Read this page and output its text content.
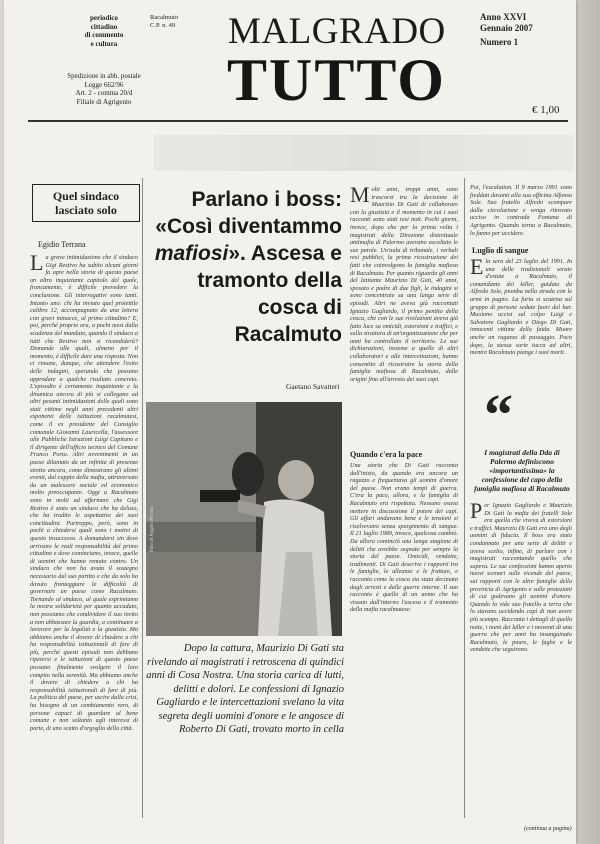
periodico
cittadino
di commento
e cultura
Spedizione in abb. postale
Legge 662/96
Art. 2 - comma 20/d
Filiale di Agrigento
Racalmuto
C.P. n. 49 MALGRADO
TUTTO
Anno XXVI
Gennaio 2007
Numero 1
€ 1,00
Quel sindaco lasciato solo
Egidio Terrana
L a grave intimidazione che il sindaco Gigi Restivo ha subito alcuni giorni fa apre nella storia di questo paese un altro inquietante capitolo del quale, francamente, è difficile prevedere la conclusione. Gli interrogativi sono tanti. Intanto uno: chi ha inviato quel proiettile calibro 12, accompagnato da una lettera con gravi minacce, al primo cittadino? E, poi, perché proprio ora, a pochi mesi dalla scadenza del mandato, quando il sindaco a tutti che Restivo non si ricandiderà? Domande alle quali, almeno per il momento, è difficile dare una risposta. Non ci rimane, dunque, che attendere l'esito delle indagini, sperando che possano approdare a qualche risultato concreto. L'episodio è certamente inquietante e la dinamica ancora di più si collegano ad altri pesanti intimidazioni delle quali sono stati vittime negli anni precedenti altri esponenti delle istituzioni racalmutesi, come il ex presidente del Consiglio comunale Giovanni Lauricella, l'assessore alle Pubbliche Istruzioni Luigi Capitano e il dirigente dell'ufficio tecnico del Comune Franco Porto. Altri avvenimenti in un paese dilaniato da un infinita di presenze stretto ancora, come dimostrano gli ultimi eventi, dal cappio della mafia, attraversato da un malessere sociale ed economico molto preoccupante. Oggi a Racalmuto sono in molti ad affermare che Gigi Restivo è stato un sindaco che ha deluso, che ha tradito le aspettative dei suoi concittadini. Purtroppo, però, sono in pochi a chiedersi quali sono i motivi di questo insuccesso. A domandarsi sin dove arrivano le reali responsabilità del primo cittadino e dove cominciano, invece, quelle di uomini che hanno remato contro. Un sindaco che non ha avuto il sostegno necessario dal suo partito e che da solo ha dovuto fronteggiare le difficoltà di governare un paese come Racalmuto. Tornando al sindaco, al quale esprimiamo la nostra solidarietà per quanto accaduto, non possiamo che condividere il suo invito a non abbassare la guardia, a continuare a lavorare per la legalità e la giustizia. Ma abbiamo anche il dovere di chiedere a chi ha responsabilità istituzionali di fare di più, perché questi episodi non debbano ripetersi e le istituzioni di questo paese possano finalmente svolgere il loro compito nella serenità. Ma abbiamo anche il dovere di chiedere a chi ha responsabilità istituzionali di fare di più. La politica del paese, per uscire dalla crisi, ha bisogno di un cambiamento vero, di persone capaci di guardare al bene comune e non soltanto agli interessi di parte, di uno scatto d'orgoglio della città.
Parlano i boss: «Così diventammo mafiosi». Ascesa e tramonto della cosca di Racalmuto
Gaetano Savatteri
Foto di Angelo Pitrone
Dopo la cattura, Maurizio Di Gati sta rivelando ai magistrati i retroscena di quindici anni di Cosa Nostra. Una storia carica di lutti, delitti e dolori. Le confessioni di Ignazio Gagliardo e le intercettazioni svelano la vita segreta degli uomini d'onore e le angosce di Roberto Di Gati, trovato morto in cella
M olti anni, troppi anni, sono trascorsi tra la decisione di Maurizio Di Gati di collaborare con la giustizia e il momento in cui i suoi racconti sono stati resi noti. Pochi giorni, invece, dopo che per la prima volta i magistrati della Direzione distrettuale antimafia di Palermo avevano ascoltato le sue parole. Un'aula di tribunale, i verbali resi pubblici, la prima ricostruzione dei fatti che coinvolgono la famiglia mafiosa di Racalmuto. Per quanto riguarda gli anni del latitante Maurizio Di Gati, 40 anni, sposato e padre di due figli, le indagini si sono concentrate su una lunga serie di episodi. Altri ne aveva già raccontati Ignazio Gagliardo, il primo pentito della cosca, che con le sue rivelazioni aveva già fatto luce su omicidi, estorsioni e traffici, e sulla struttura di un'organizzazione che per anni ha controllato il territorio. Le sue dichiarazioni, insieme a quelle di altri collaboratori e alle intercettazioni, hanno consentito di ricostruire la storia della famiglia mafiosa di Racalmuto, dalle origini fino all'arresto dei suoi capi.
Quando c'era la pace
Una storia che Di Gati racconta dall'inizio, da quando era ancora un ragazzo e frequentava gli uomini d'onore del paese. Non erano tempi di guerra. C'era la pace, allora, e la famiglia di Racalmuto era rispettata. Nessuno osava mettere in discussione il potere dei capi. Gli affari andavano bene e le tensioni si risolvevano senza spargimento di sangue. Il 21 luglio 1989, invece, qualcosa cambiò. Da allora cominciò una lunga stagione di delitti che avrebbe segnato per sempre la storia del paese. Omicidi, vendette, tradimenti. Di Gati descrive i rapporti tra le famiglie, le alleanze e le fratture, e racconta come la cosca sia stata decimata dagli arresti e dalle guerre interne. Il suo racconto è quello di un uomo che ha vissuto dall'interno l'ascesa e il tramonto della mafia racalmutese.
Poi, l'escalation. Il 9 marzo 1991 sono freddati davanti alla sua officina Alfonso Sole. Suo fratello Alfredo scompare dalla circolazione e venga ritrovato ucciso in contrada Fontana di Agrigento. Quando torna a Racalmuto, lo fanno per uccidere.
Luglio di sangue
E la sera del 23 luglio del 1991. In una delle tradizionali serate d'estate a Racalmuto, il comandante dei killer, guidato da Alfredo Sole, piomba nella strada con le armi in pugno. La furia si scatena sul gruppo di persone sedute fuori dal bar. Muoiono uccisi sul colpo Luigi e Salvatore Gagliardo e Diego Di Gati, innocenti vittime della faida. Muore anche un ragazzo di passaggio. Poco dopo, la stessa sorte tocca ad altri, mentre Racalmuto piange i suoi morti.
“
I magistrati della Dda di Palermo definiscono «importantissima» la confessione del capo della famiglia mafiosa di Racalmuto
P er Ignazio Gagliardo e Maurizio Di Gati la mafia dei fratelli Sole era quella che viveva di estorsioni e traffici. Maurizio Di Gati era uno degli uomini di fiducia. Il boss era stato condannato per una serie di delitti e aveva scelto, infine, di parlare con i magistrati raccontando quello che sapeva. Le sue confessioni hanno aperto nuovi scenari sulle vicende del paese, sui rapporti con le altre famiglie della provincia di Agrigento e sulle protezioni di cui godevano gli uomini d'onore. Quando lo vide suo fratello a terra che lo stavano uccidendo capì di non avere più scampo. Racconta i dettagli di quella notte, i nomi dei killer e i moventi di una guerra che per anni ha insanguinato Racalmuto, le paure, le fughe e le vendette che seguirono.
(continua a pagina)
